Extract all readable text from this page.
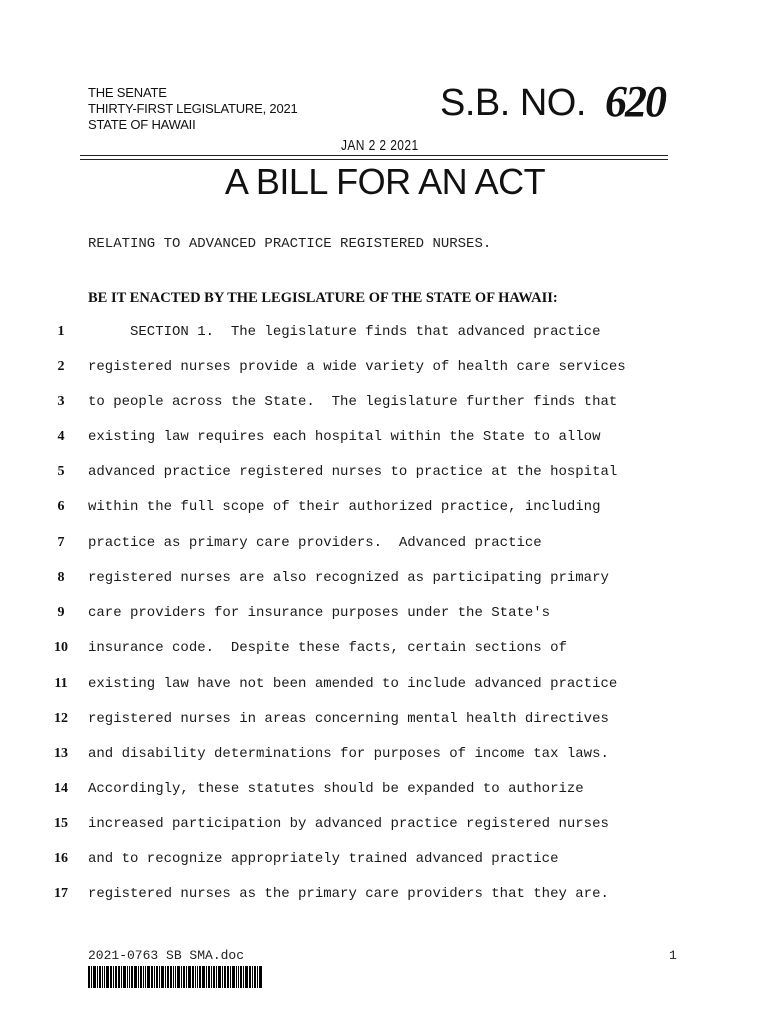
THE SENATE
THIRTY-FIRST LEGISLATURE, 2021
STATE OF HAWAII
S.B. NO. 620
JAN 2 2 2021
A BILL FOR AN ACT
RELATING TO ADVANCED PRACTICE REGISTERED NURSES.
BE IT ENACTED BY THE LEGISLATURE OF THE STATE OF HAWAII:
1	SECTION 1.  The legislature finds that advanced practice
2	registered nurses provide a wide variety of health care services
3	to people across the State.  The legislature further finds that
4	existing law requires each hospital within the State to allow
5	advanced practice registered nurses to practice at the hospital
6	within the full scope of their authorized practice, including
7	practice as primary care providers.  Advanced practice
8	registered nurses are also recognized as participating primary
9	care providers for insurance purposes under the State's
10	insurance code.  Despite these facts, certain sections of
11	existing law have not been amended to include advanced practice
12	registered nurses in areas concerning mental health directives
13	and disability determinations for purposes of income tax laws.
14	Accordingly, these statutes should be expanded to authorize
15	increased participation by advanced practice registered nurses
16	and to recognize appropriately trained advanced practice
17	registered nurses as the primary care providers that they are.
2021-0763 SB SMA.doc	1
